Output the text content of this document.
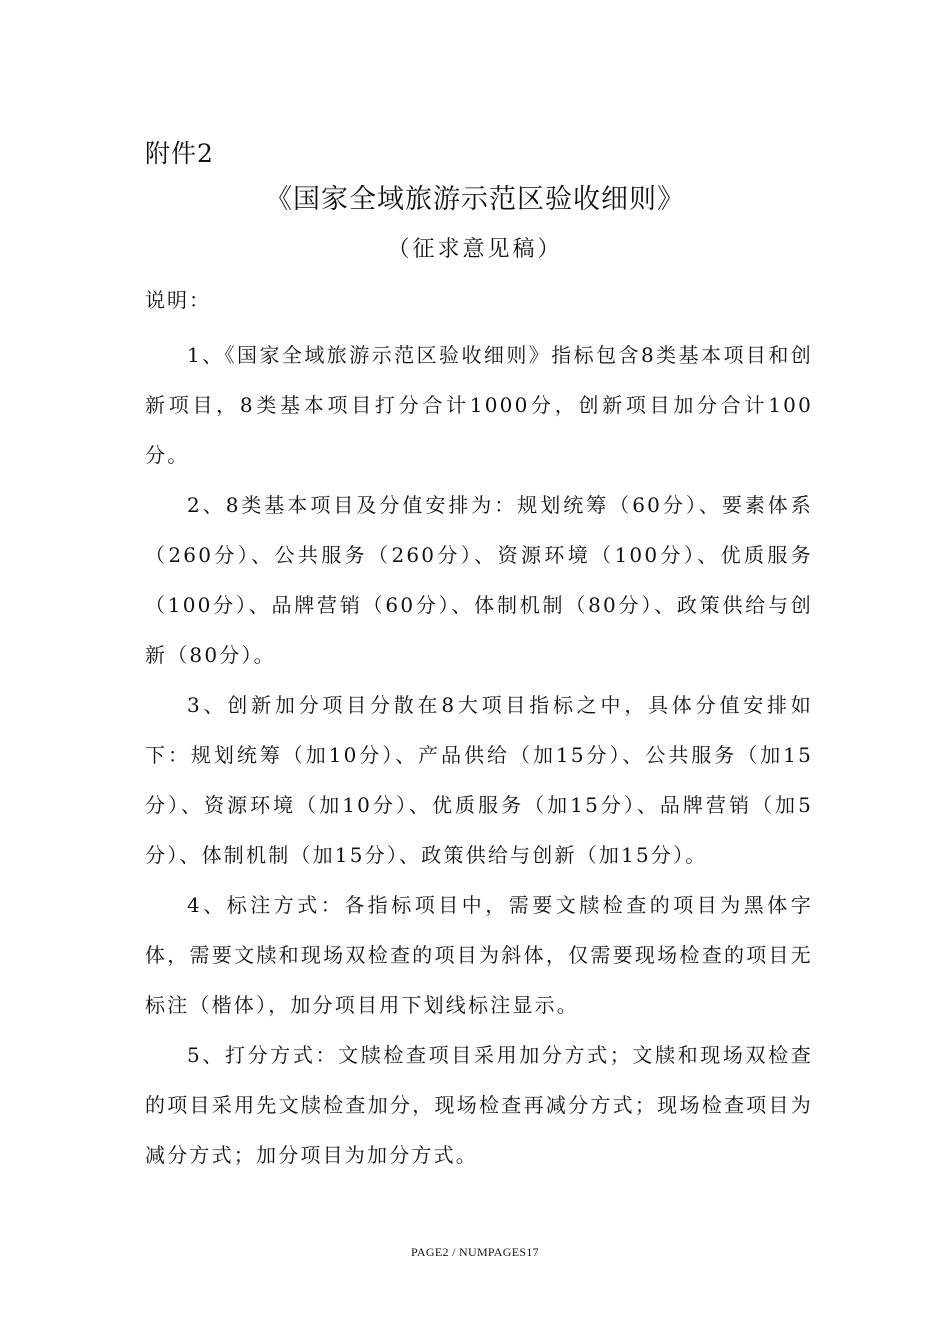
附件2
《国家全域旅游示范区验收细则》
（征求意见稿）
说明：

1、《国家全域旅游示范区验收细则》指标包含8类基本项目和创新项目，8类基本项目打分合计1000分，创新项目加分合计100分。

2、8类基本项目及分值安排为：规划统筹（60分）、要素体系（260分）、公共服务（260分）、资源环境（100分）、优质服务（100分）、品牌营销（60分）、体制机制（80分）、政策供给与创新（80分）。

3、创新加分项目分散在8大项目指标之中，具体分值安排如下：规划统筹（加10分）、产品供给（加15分）、公共服务（加15分）、资源环境（加10分）、优质服务（加15分）、品牌营销（加5分）、体制机制（加15分）、政策供给与创新（加15分）。

4、标注方式：各指标项目中，需要文牍检查的项目为黑体字体，需要文牍和现场双检查的项目为斜体，仅需要现场检查的项目无标注（楷体），加分项目用下划线标注显示。

5、打分方式：文牍检查项目采用加分方式；文牍和现场双检查的项目采用先文牍检查加分，现场检查再减分方式；现场检查项目为减分方式；加分项目为加分方式。

PAGE2 / NUMPAGES17
